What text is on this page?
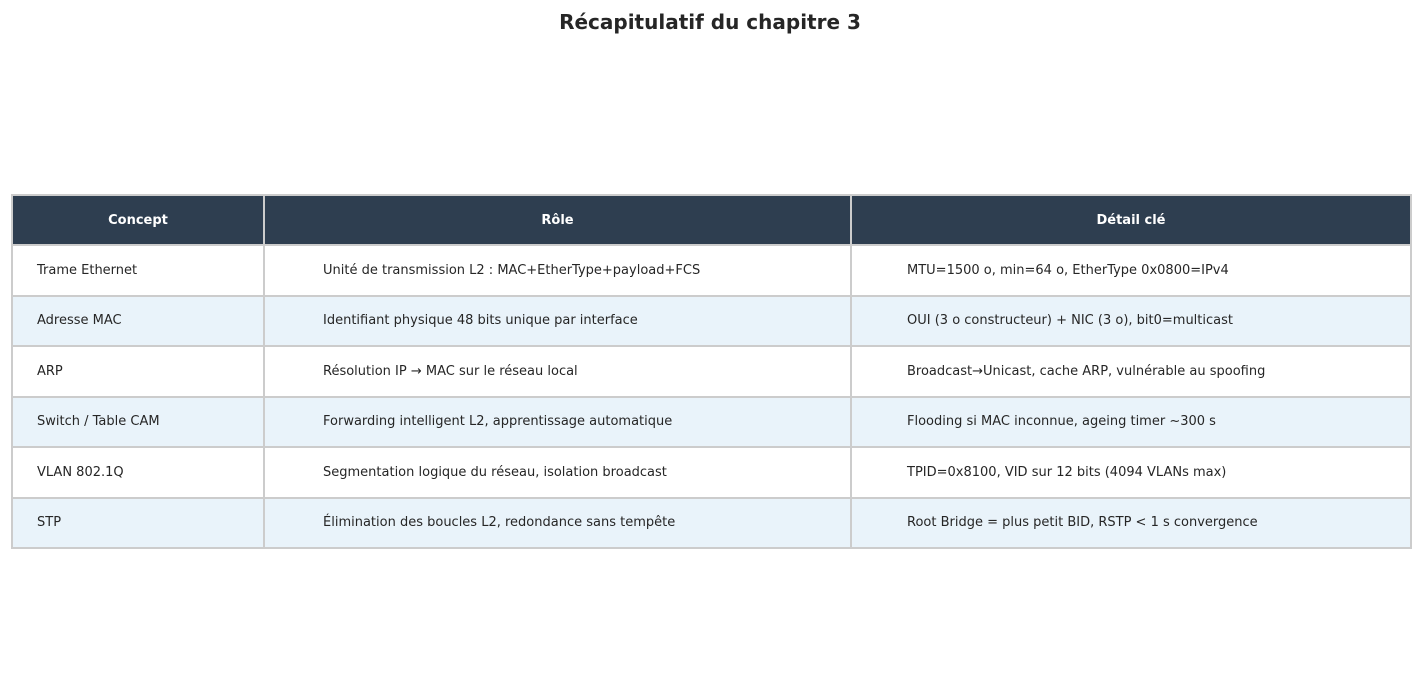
Récapitulatif du chapitre 3
Concept	Rôle	Détail clé
Trame Ethernet	Unité de transmission L2 : MAC+EtherType+payload+FCS	MTU=1500 o, min=64 o, EtherType 0x0800=IPv4
Adresse MAC	Identifiant physique 48 bits unique par interface	OUI (3 o constructeur) + NIC (3 o), bit0=multicast
ARP	Résolution IP → MAC sur le réseau local	Broadcast→Unicast, cache ARP, vulnérable au spoofing
Switch / Table CAM	Forwarding intelligent L2, apprentissage automatique	Flooding si MAC inconnue, ageing timer ~300 s
VLAN 802.1Q	Segmentation logique du réseau, isolation broadcast	TPID=0x8100, VID sur 12 bits (4094 VLANs max)
STP	Élimination des boucles L2, redondance sans tempête	Root Bridge = plus petit BID, RSTP < 1 s convergence
